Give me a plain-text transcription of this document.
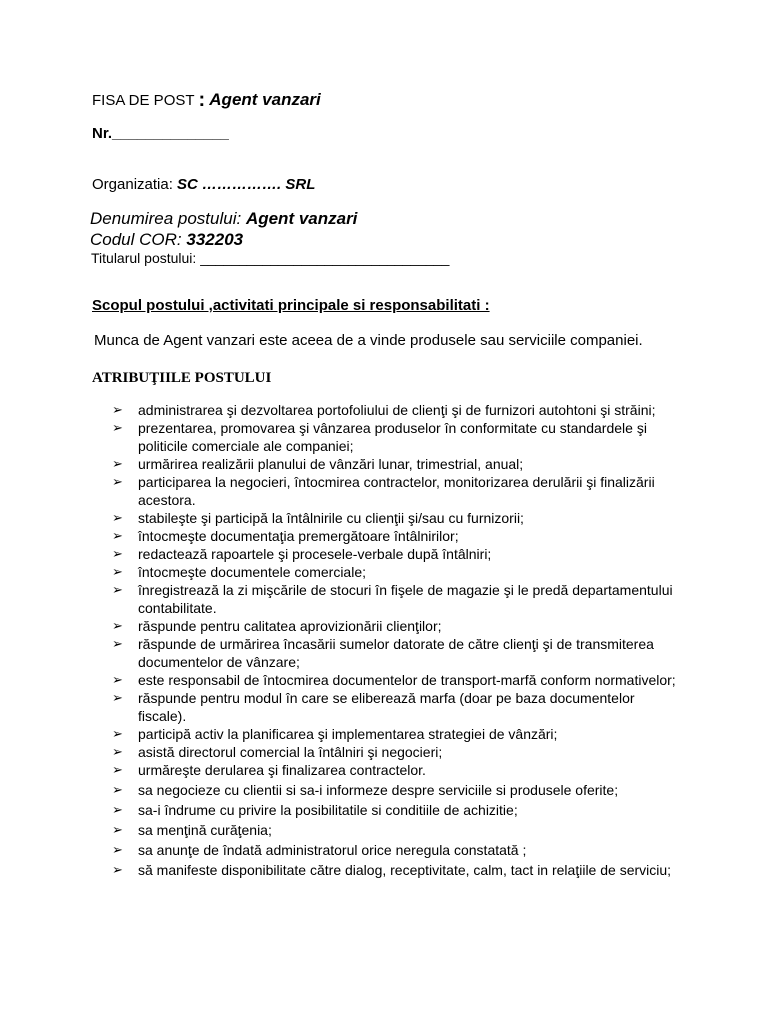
FISA DE POST : Agent vanzari
Nr.______________
Organizatia: SC ……………. SRL
Denumirea postului: Agent vanzari
Codul COR: 332203
Titularul postului: ________________________________
Scopul postului ,activitati principale si responsabilitati :
Munca de Agent vanzari este aceea de a vinde produsele sau serviciile companiei.
ATRIBUŢIILE POSTULUI
➢ administrarea şi dezvoltarea portofoliului de clienţi şi de furnizori autohtoni şi străini;
➢ prezentarea, promovarea şi vânzarea produselor în conformitate cu standardele şi politicile comerciale ale companiei;
➢ urmărirea realizării planului de vânzări lunar, trimestrial, anual;
➢ participarea la negocieri, întocmirea contractelor, monitorizarea derulării şi finalizării acestora.
➢ stabileşte şi participă la întâlnirile cu clienţii şi/sau cu furnizorii;
➢ întocmeşte documentaţia premergătoare întâlnirilor;
➢ redactează rapoartele şi procesele-verbale după întâlniri;
➢ întocmeşte documentele comerciale;
➢ înregistrează la zi mişcările de stocuri în fişele de magazie şi le predă departamentului contabilitate.
➢ răspunde pentru calitatea aprovizionării clienţilor;
➢ răspunde de urmărirea încasării sumelor datorate de către clienţi şi de transmiterea documentelor de vânzare;
➢ este responsabil de întocmirea documentelor de transport-marfă conform normativelor;
➢ răspunde pentru modul în care se eliberează marfa (doar pe baza documentelor fiscale).
➢ participă activ la planificarea şi implementarea strategiei de vânzări;
➢ asistă directorul comercial la întâlniri şi negocieri;
➢ urmăreşte derularea şi finalizarea contractelor.
➢ sa negocieze cu clientii si sa-i informeze despre serviciile si produsele oferite;
➢ sa-i îndrume cu privire la posibilitatile si conditiile de achizitie;
➢ sa menţină curăţenia;
➢ sa anunţe de îndată administratorul orice neregula constatată ;
➢ să manifeste disponibilitate către dialog, receptivitate, calm, tact in relaţiile de serviciu;
